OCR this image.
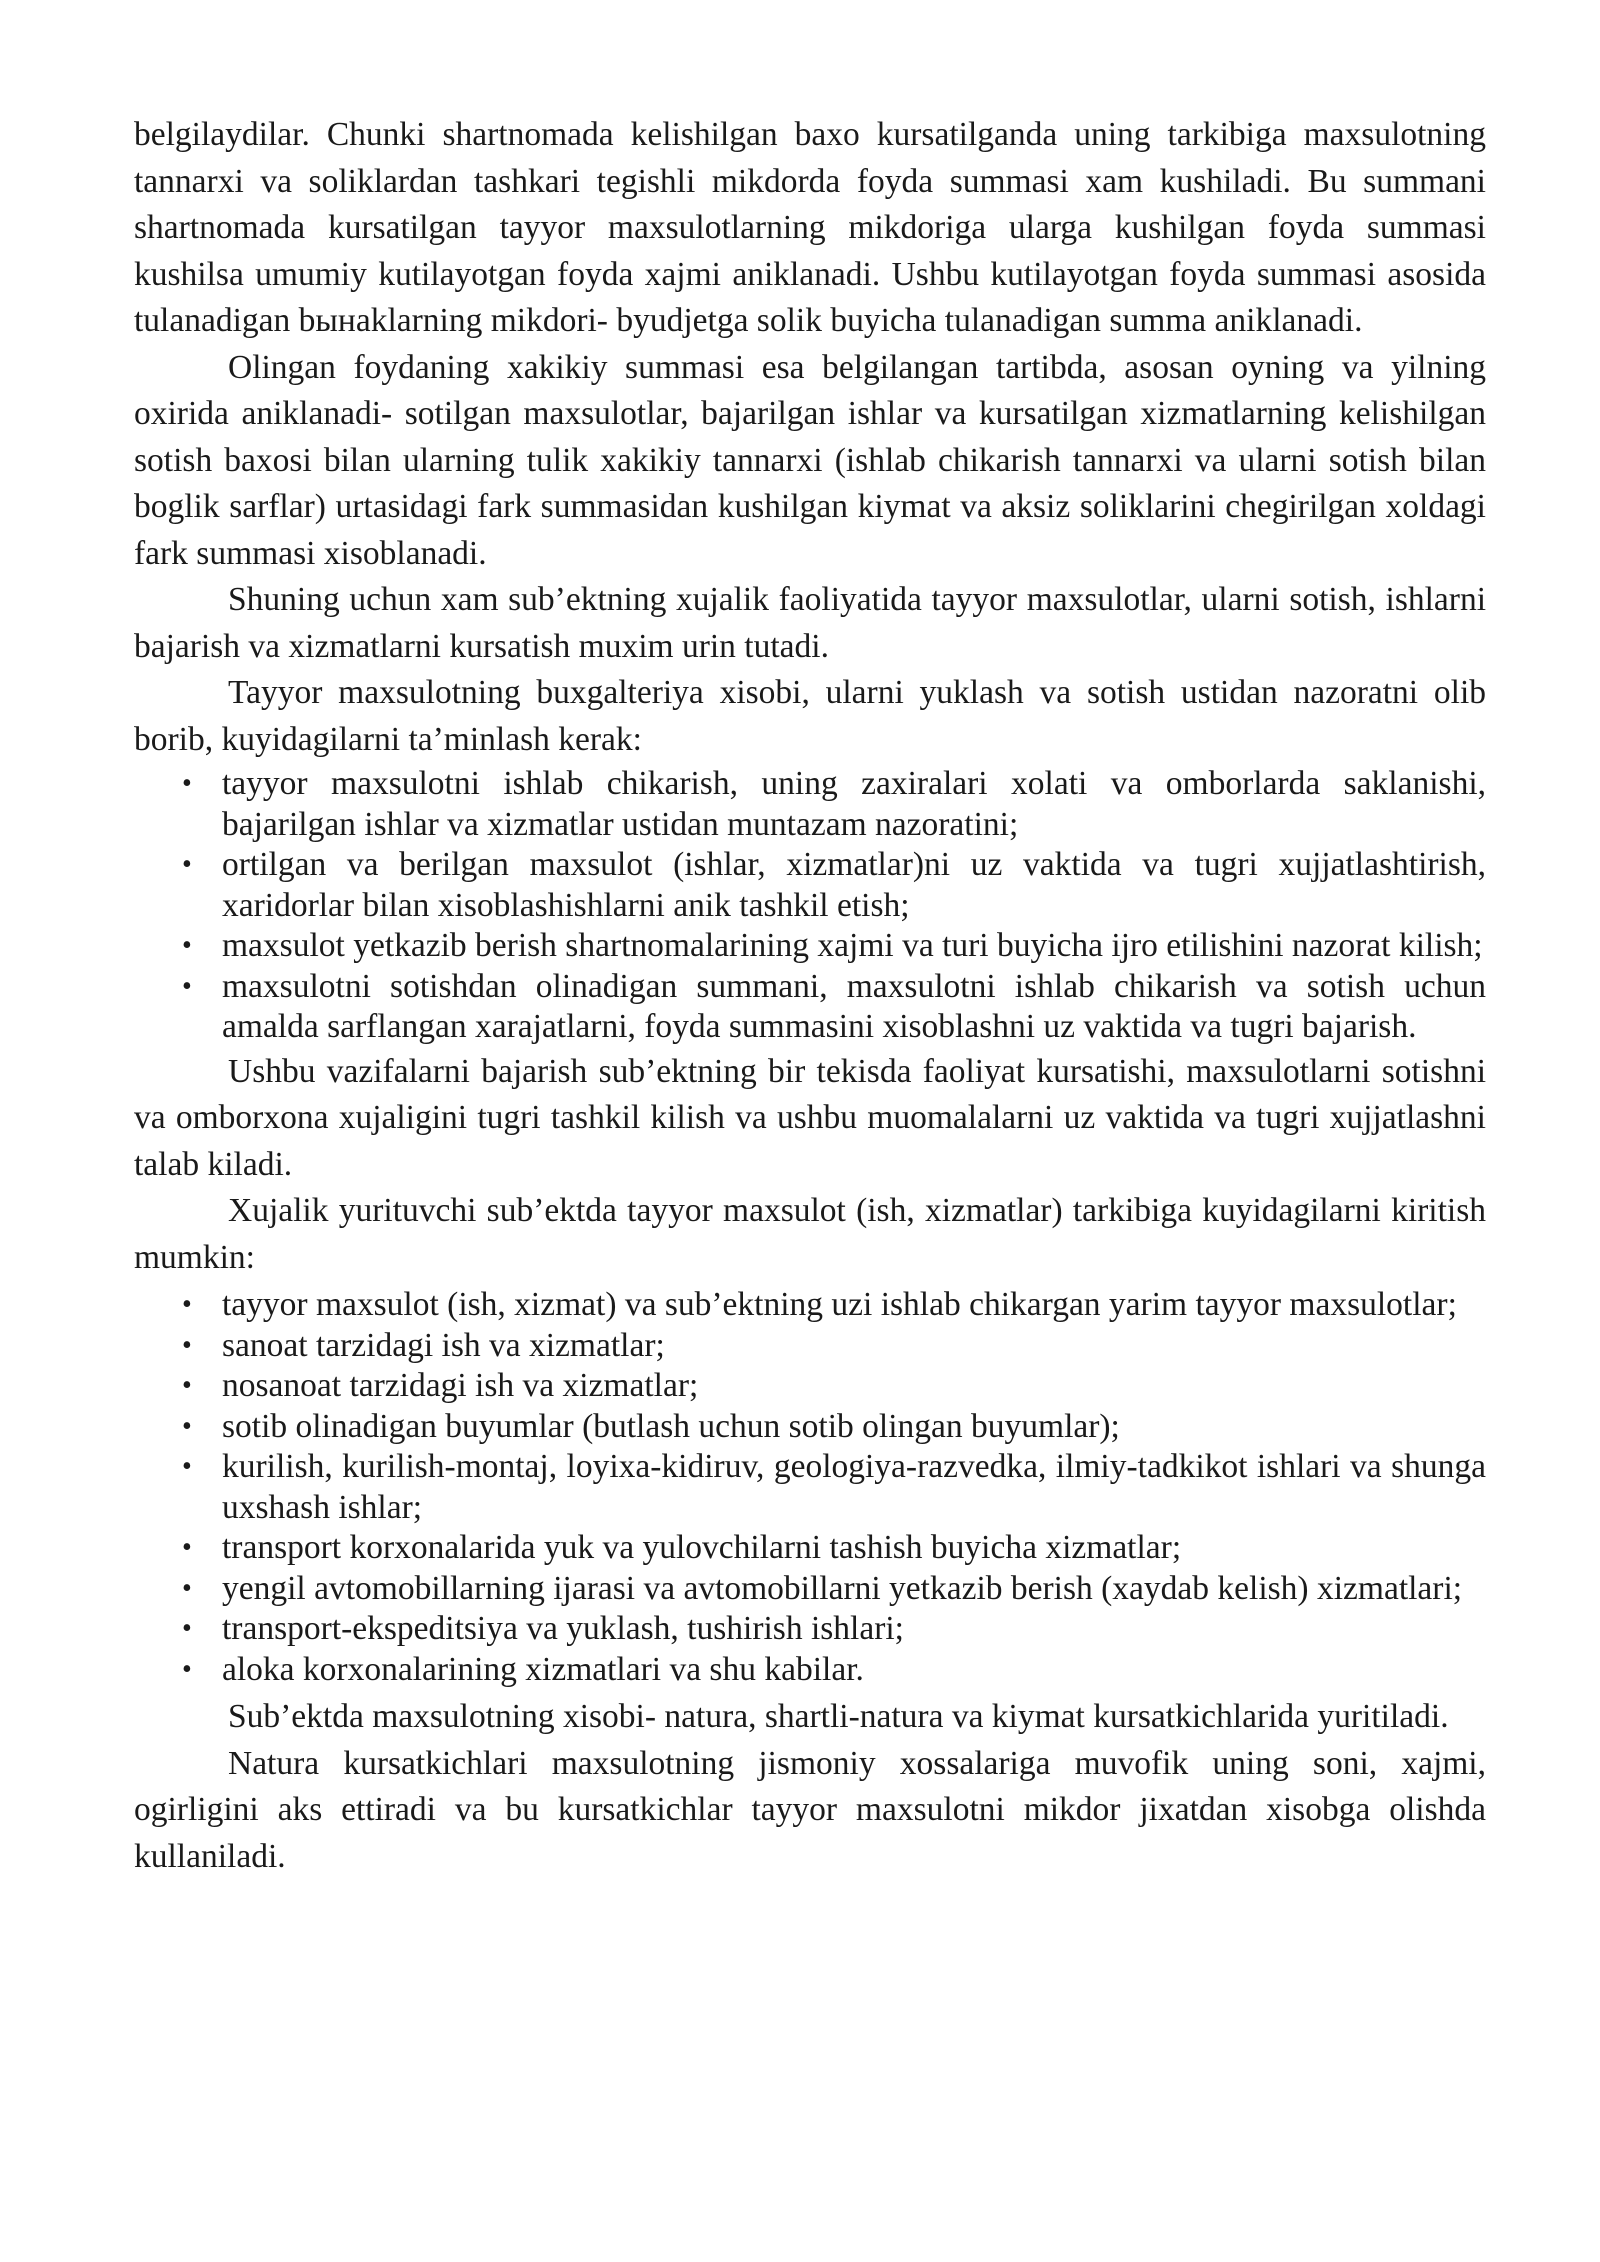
belgilaydilar. Chunki shartnomada kelishilgan baxo kursatilganda uning tarkibiga maxsulotning tannarxi va soliklardan tashkari tegishli mikdorda foyda summasi xam kushiladi. Bu summani shartnomada kursatilgan tayyor maxsulotlarning mikdoriga ularga kushilgan foyda summasi kushilsa umumiy kutilayotgan foyda xajmi aniklanadi. Ushbu kutilayotgan foyda summasi asosida tulanadigan bынaklarning mikdori- byudjetga solik buyicha tulanadigan summa aniklanadi.

Olingan foydaning xakikiy summasi esa belgilangan tartibda, asosan oyning va yilning oxirida aniklanadi- sotilgan maxsulotlar, bajarilgan ishlar va kursatilgan xizmatlarning kelishilgan sotish baxosi bilan ularning tulik xakikiy tannarxi (ishlab chikarish tannarxi va ularni sotish bilan boglik sarflar) urtasidagi fark summasidan kushilgan kiymat va aksiz soliklarini chegirilgan xoldagi fark summasi xisoblanadi.

Shuning uchun xam sub’ektning xujalik faoliyatida tayyor maxsulotlar, ularni sotish, ishlarni bajarish va xizmatlarni kursatish muxim urin tutadi.

Tayyor maxsulotning buxgalteriya xisobi, ularni yuklash va sotish ustidan nazoratni olib borib, kuyidagilarni ta’minlash kerak:

• tayyor maxsulotni ishlab chikarish, uning zaxiralari xolati va omborlarda saklanishi, bajarilgan ishlar va xizmatlar ustidan muntazam nazoratini;
• ortilgan va berilgan maxsulot (ishlar, xizmatlar)ni uz vaktida va tugri xujjatlashtirish, xaridorlar bilan xisoblashishlarni anik tashkil etish;
• maxsulot yetkazib berish shartnomalarining xajmi va turi buyicha ijro etilishini nazorat kilish;
• maxsulotni sotishdan olinadigan summani, maxsulotni ishlab chikarish va sotish uchun amalda sarflangan xarajatlarni, foyda summasini xisoblashni uz vaktida va tugri bajarish.

Ushbu vazifalarni bajarish sub’ektning bir tekisda faoliyat kursatishi, maxsulotlarni sotishni va omborxona xujaligini tugri tashkil kilish va ushbu muomalalarni uz vaktida va tugri xujjatlashni talab kiladi.

Xujalik yurituvchi sub’ektda tayyor maxsulot (ish, xizmatlar) tarkibiga kuyidagilarni kiritish mumkin:

• tayyor maxsulot (ish, xizmat) va sub’ektning uzi ishlab chikargan yarim tayyor maxsulotlar;
• sanoat tarzidagi ish va xizmatlar;
• nosanoat tarzidagi ish va xizmatlar;
• sotib olinadigan buyumlar (butlash uchun sotib olingan buyumlar);
• kurilish, kurilish-montaj, loyixa-kidiruv, geologiya-razvedka, ilmiy-tadkikot ishlari va shunga uxshash ishlar;
• transport korxonalarida yuk va yulovchilarni tashish buyicha xizmatlar;
• yengil avtomobillarning ijarasi va avtomobillarni yetkazib berish (xaydab kelish) xizmatlari;
• transport-ekspeditsiya va yuklash, tushirish ishlari;
• aloka korxonalarining xizmatlari va shu kabilar.

Sub’ektda maxsulotning xisobi- natura, shartli-natura va kiymat kursatkichlarida yuritiladi.

Natura kursatkichlari maxsulotning jismoniy xossalariga muvofik uning soni, xajmi, ogirligini aks ettiradi va bu kursatkichlar tayyor maxsulotni mikdor jixatdan xisobga olishda kullaniladi.
